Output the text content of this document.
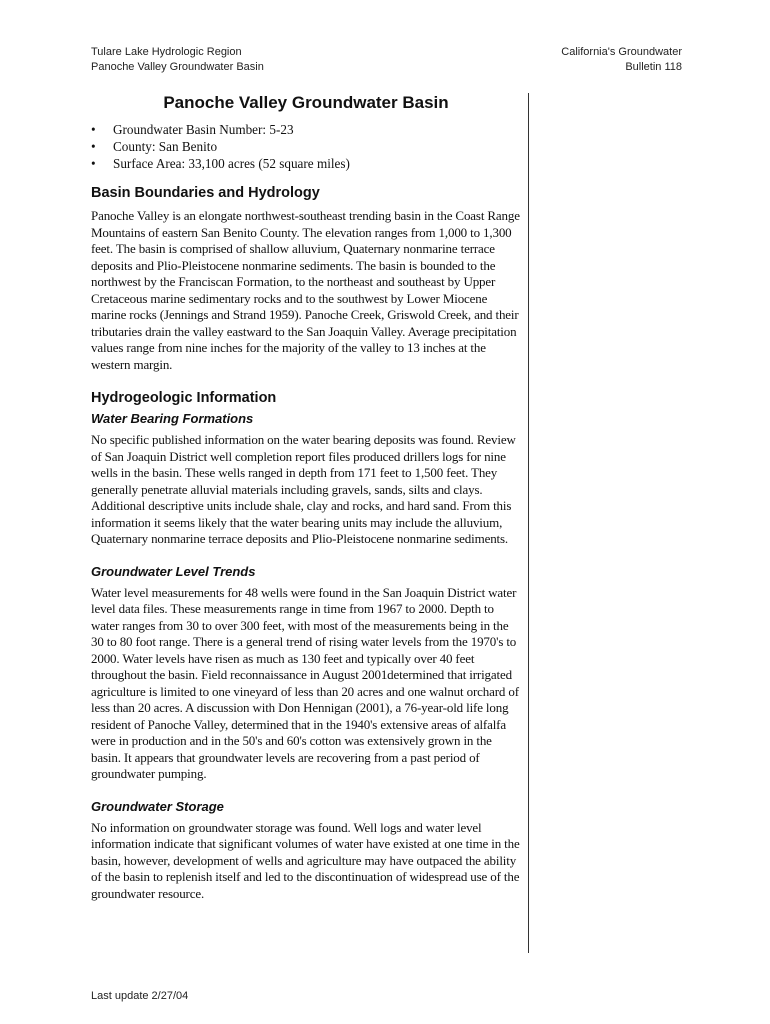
Tulare Lake Hydrologic Region
Panoche Valley Groundwater Basin
California's Groundwater
Bulletin 118
Panoche Valley Groundwater Basin
• Groundwater Basin Number: 5-23
• County: San Benito
• Surface Area: 33,100 acres (52 square miles)
Basin Boundaries and Hydrology

Panoche Valley is an elongate northwest-southeast trending basin in the Coast Range Mountains of eastern San Benito County. The elevation ranges from 1,000 to 1,300 feet. The basin is comprised of shallow alluvium, Quaternary nonmarine terrace deposits and Plio-Pleistocene nonmarine sediments. The basin is bounded to the northwest by the Franciscan Formation, to the northeast and southeast by Upper Cretaceous marine sedimentary rocks and to the southwest by Lower Miocene marine rocks (Jennings and Strand 1959). Panoche Creek, Griswold Creek, and their tributaries drain the valley eastward to the San Joaquin Valley. Average precipitation values range from nine inches for the majority of the valley to 13 inches at the western margin.

Hydrogeologic Information
Water Bearing Formations

No specific published information on the water bearing deposits was found. Review of San Joaquin District well completion report files produced drillers logs for nine wells in the basin. These wells ranged in depth from 171 feet to 1,500 feet. They generally penetrate alluvial materials including gravels, sands, silts and clays. Additional descriptive units include shale, clay and rocks, and hard sand. From this information it seems likely that the water bearing units may include the alluvium, Quaternary nonmarine terrace deposits and Plio-Pleistocene nonmarine sediments.

Groundwater Level Trends

Water level measurements for 48 wells were found in the San Joaquin District water level data files. These measurements range in time from 1967 to 2000. Depth to water ranges from 30 to over 300 feet, with most of the measurements being in the 30 to 80 foot range. There is a general trend of rising water levels from the 1970's to 2000. Water levels have risen as much as 130 feet and typically over 40 feet throughout the basin. Field reconnaissance in August 2001determined that irrigated agriculture is limited to one vineyard of less than 20 acres and one walnut orchard of less than 20 acres. A discussion with Don Hennigan (2001), a 76-year-old life long resident of Panoche Valley, determined that in the 1940's extensive areas of alfalfa were in production and in the 50's and 60's cotton was extensively grown in the basin. It appears that groundwater levels are recovering from a past period of groundwater pumping.

Groundwater Storage

No information on groundwater storage was found. Well logs and water level information indicate that significant volumes of water have existed at one time in the basin, however, development of wells and agriculture may have outpaced the ability of the basin to replenish itself and led to the discontinuation of widespread use of the groundwater resource.

Last update 2/27/04
